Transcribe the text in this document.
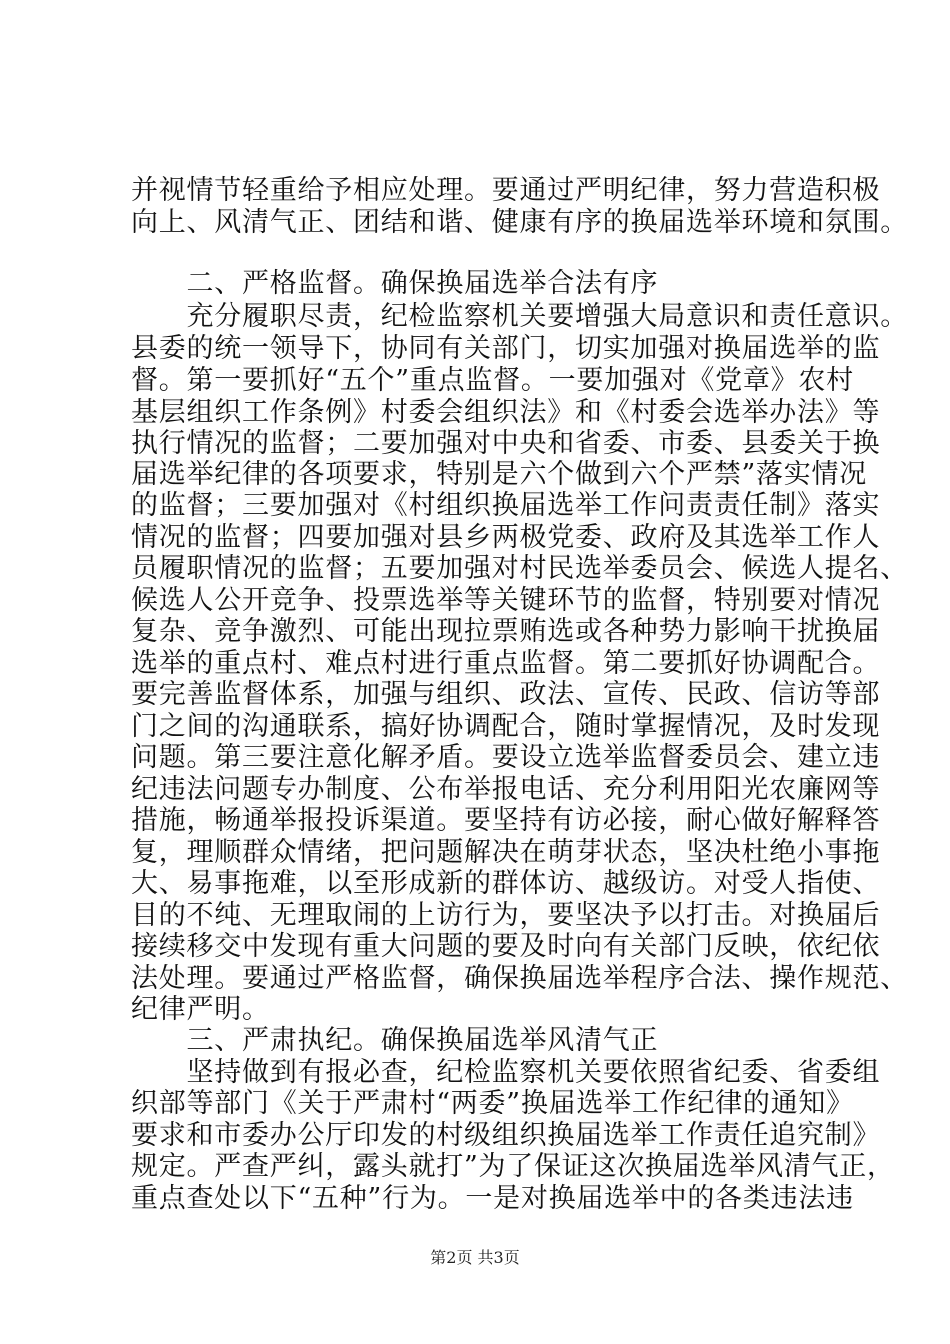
并视情节轻重给予相应处理。要通过严明纪律，努力营造积极
向上、风清气正、团结和谐、健康有序的换届选举环境和氛围。
　　二、严格监督。确保换届选举合法有序
　　充分履职尽责，纪检监察机关要增强大局意识和责任意识。
县委的统一领导下，协同有关部门，切实加强对换届选举的监
督。第一要抓好“五个”重点监督。一要加强对《党章》农村
基层组织工作条例》村委会组织法》和《村委会选举办法》等
执行情况的监督；二要加强对中央和省委、市委、县委关于换
届选举纪律的各项要求，特别是六个做到六个严禁”落实情况
的监督；三要加强对《村组织换届选举工作问责责任制》落实
情况的监督；四要加强对县乡两极党委、政府及其选举工作人
员履职情况的监督；五要加强对村民选举委员会、候选人提名、
候选人公开竞争、投票选举等关键环节的监督，特别要对情况
复杂、竞争激烈、可能出现拉票贿选或各种势力影响干扰换届
选举的重点村、难点村进行重点监督。第二要抓好协调配合。
要完善监督体系，加强与组织、政法、宣传、民政、信访等部
门之间的沟通联系，搞好协调配合，随时掌握情况，及时发现
问题。第三要注意化解矛盾。要设立选举监督委员会、建立违
纪违法问题专办制度、公布举报电话、充分利用阳光农廉网等
措施，畅通举报投诉渠道。要坚持有访必接，耐心做好解释答
复，理顺群众情绪，把问题解决在萌芽状态，坚决杜绝小事拖
大、易事拖难，以至形成新的群体访、越级访。对受人指使、
目的不纯、无理取闹的上访行为，要坚决予以打击。对换届后
接续移交中发现有重大问题的要及时向有关部门反映，依纪依
法处理。要通过严格监督，确保换届选举程序合法、操作规范、
纪律严明。
　　三、严肃执纪。确保换届选举风清气正
　　坚持做到有报必查，纪检监察机关要依照省纪委、省委组
织部等部门《关于严肃村“两委”换届选举工作纪律的通知》
要求和市委办公厅印发的村级组织换届选举工作责任追究制》
规定。严查严纠，露头就打”为了保证这次换届选举风清气正，
重点查处以下“五种”行为。一是对换届选举中的各类违法违
第2页 共3页
